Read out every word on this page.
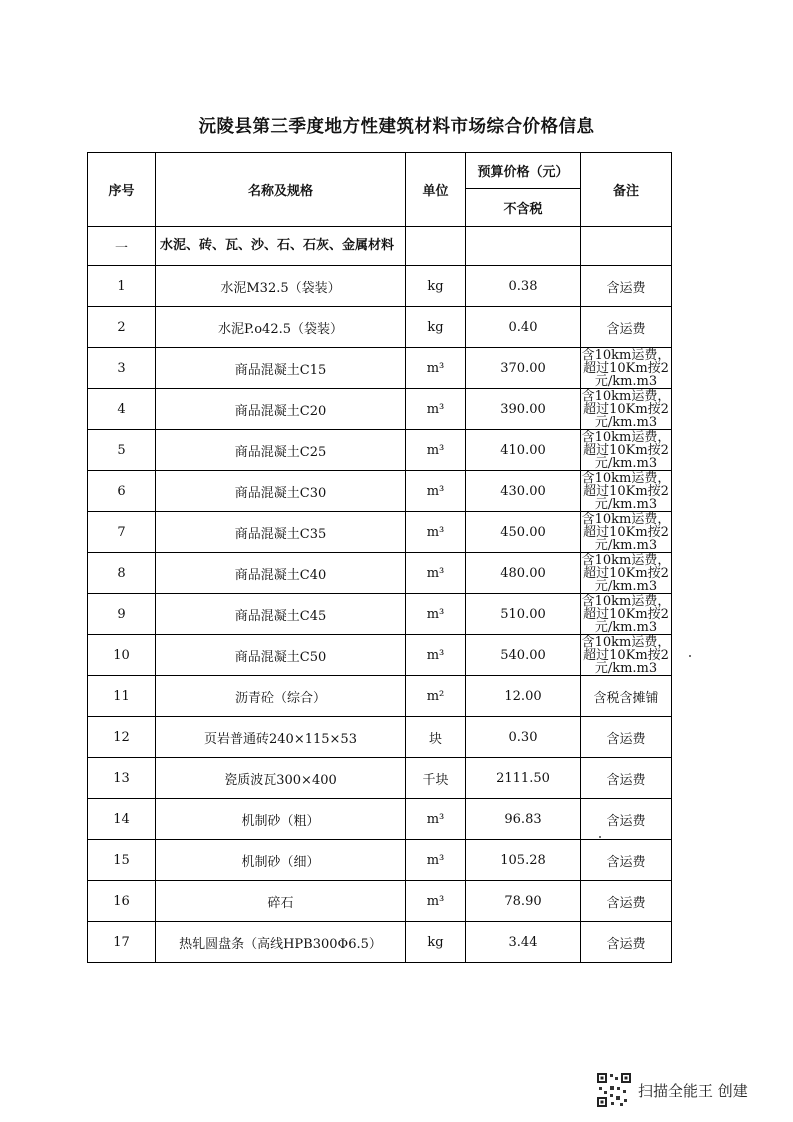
沅陵县第三季度地方性建筑材料市场综合价格信息
序号	名称及规格	单位	预算价格（元）	备注
			不含税	
一	水泥、砖、瓦、沙、石、石灰、金属材料			
1	水泥M32.5（袋装）	kg	0.38	含运费
2	水泥P.o42.5（袋装）	kg	0.40	含运费
3	商品混凝土C15	m³	370.00	含10km运费，超过10Km按2元/km.m3
4	商品混凝土C20	m³	390.00	含10km运费，超过10Km按2元/km.m3
5	商品混凝土C25	m³	410.00	含10km运费，超过10Km按2元/km.m3
6	商品混凝土C30	m³	430.00	含10km运费，超过10Km按2元/km.m3
7	商品混凝土C35	m³	450.00	含10km运费，超过10Km按2元/km.m3
8	商品混凝土C40	m³	480.00	含10km运费，超过10Km按2元/km.m3
9	商品混凝土C45	m³	510.00	含10km运费，超过10Km按2元/km.m3
10	商品混凝土C50	m³	540.00	含10km运费，超过10Km按2元/km.m3
11	沥青砼（综合）	m²	12.00	含税含摊铺
12	页岩普通砖240×115×53	块	0.30	含运费
13	瓷质波瓦300×400	千块	2111.50	含运费
14	机制砂（粗）	m³	96.83	含运费
15	机制砂（细）	m³	105.28	含运费
16	碎石	m³	78.90	含运费
17	热轧圆盘条（高线HPB300Φ6.5）	kg	3.44	含运费
扫描全能王 创建
